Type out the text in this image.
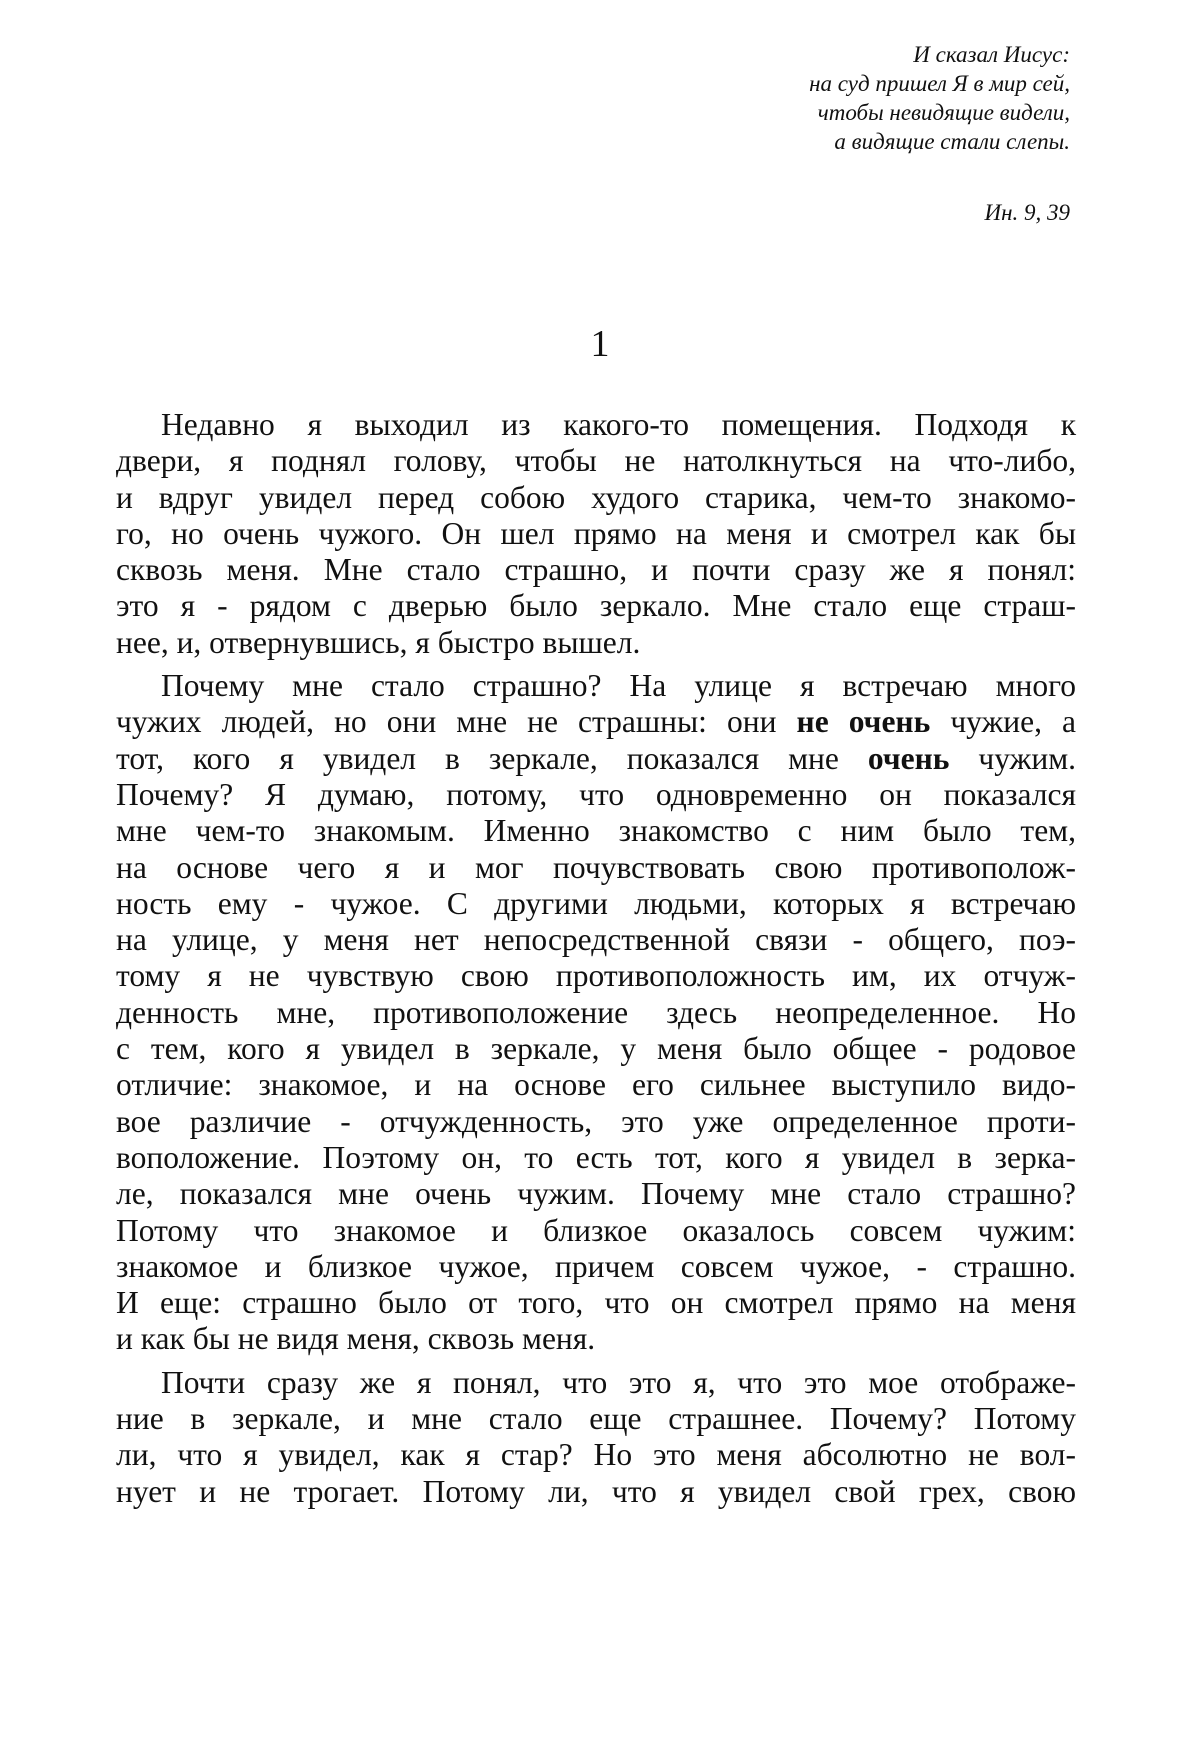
И сказал Иисус:
на суд пришел Я в мир сей,
чтобы невидящие видели,
а видящие стали слепы.
Ин. 9, 39
1
Недавно я выходил из какого-то помещения. Подходя к
двери, я поднял голову, чтобы не натолкнуться на что-либо,
и вдруг увидел перед собою худого старика, чем-то знакомо-
го, но очень чужого. Он шел прямо на меня и смотрел как бы
сквозь меня. Мне стало страшно, и почти сразу же я понял:
это я - рядом с дверью было зеркало. Мне стало еще страш-
нее, и, отвернувшись, я быстро вышел.
Почему мне стало страшно? На улице я встречаю много
чужих людей, но они мне не страшны: они не очень чужие, а
тот, кого я увидел в зеркале, показался мне очень чужим.
Почему? Я думаю, потому, что одновременно он показался
мне чем-то знакомым. Именно знакомство с ним было тем,
на основе чего я и мог почувствовать свою противополож-
ность ему - чужое. С другими людьми, которых я встречаю
на улице, у меня нет непосредственной связи - общего, поэ-
тому я не чувствую свою противоположность им, их отчуж-
денность мне, противоположение здесь неопределенное. Но
с тем, кого я увидел в зеркале, у меня было общее - родовое
отличие: знакомое, и на основе его сильнее выступило видо-
вое различие - отчужденность, это уже определенное проти-
воположение. Поэтому он, то есть тот, кого я увидел в зерка-
ле, показался мне очень чужим. Почему мне стало страшно?
Потому что знакомое и близкое оказалось совсем чужим:
знакомое и близкое чужое, причем совсем чужое, - страшно.
И еще: страшно было от того, что он смотрел прямо на меня
и как бы не видя меня, сквозь меня.
Почти сразу же я понял, что это я, что это мое отображе-
ние в зеркале, и мне стало еще страшнее. Почему? Потому
ли, что я увидел, как я стар? Но это меня абсолютно не вол-
нует и не трогает. Потому ли, что я увидел свой грех, свою
